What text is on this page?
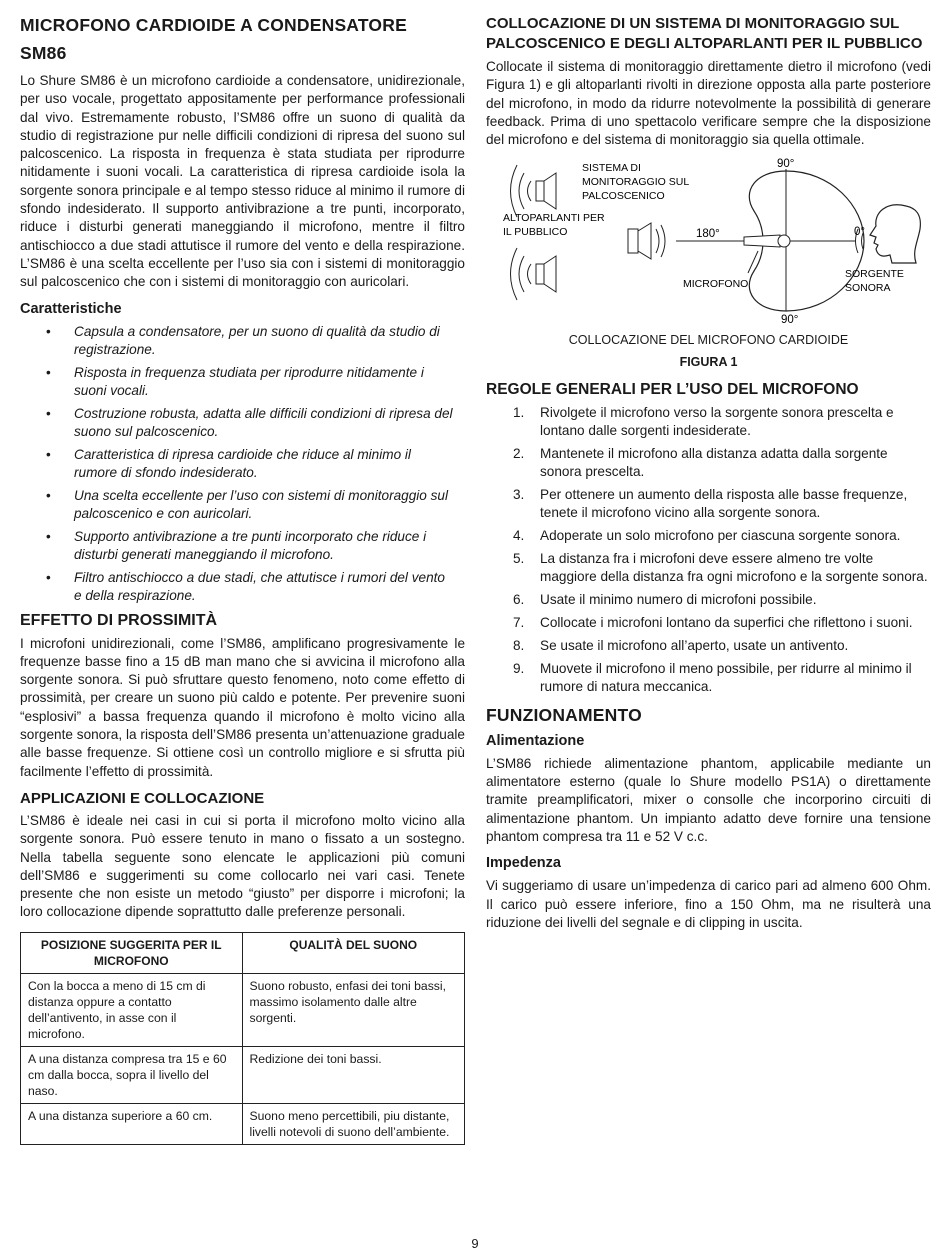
MICROFONO CARDIOIDE A CONDENSATORE
SM86

Lo Shure SM86 è un microfono cardioide a condensatore, unidirezionale, per uso vocale, progettato appositamente per performance professionali dal vivo. Estremamente robusto, l’SM86 offre un suono di qualità da studio di registrazione pur nelle difficili condizioni di ripresa del suono sul palcoscenico. La risposta in frequenza è stata studiata per riprodurre nitidamente i suoni vocali. La caratteristica di ripresa cardioide isola la sorgente sonora principale e al tempo stesso riduce al minimo il rumore di sfondo indesiderato. Il supporto antivibrazione a tre punti, incorporato, riduce i disturbi generati maneggiando il microfono, mentre il filtro antischiocco a due stadi attutisce il rumore del vento e della respirazione. L’SM86 è una scelta eccellente per l’uso sia con i sistemi di monitoraggio sul palcoscenico che con i sistemi di monitoraggio con auricolari.

Caratteristiche
• Capsula a condensatore, per un suono di qualità da studio di registrazione.
• Risposta in frequenza studiata per riprodurre nitidamente i suoni vocali.
• Costruzione robusta, adatta alle difficili condizioni di ripresa del suono sul palcoscenico.
• Caratteristica di ripresa cardioide che riduce al minimo il rumore di sfondo indesiderato.
• Una scelta eccellente per l’uso con sistemi di monitoraggio sul palcoscenico e con auricolari.
• Supporto antivibrazione a tre punti incorporato che riduce i disturbi generati maneggiando il microfono.
• Filtro antischiocco a due stadi, che attutisce i rumori del vento e della respirazione.
EFFETTO DI PROSSIMITÀ

I microfoni unidirezionali, come l’SM86, amplificano progresivamente le frequenze basse fino a 15 dB man mano che si avvicina il microfono alla sorgente sonora. Si può sfruttare questo fenomeno, noto come effetto di prossimità, per creare un suono più caldo e potente. Per prevenire suoni “esplosivi” a bassa frequenza quando il microfono è molto vicino alla sorgente sonora, la risposta dell’SM86 presenta un’attenuazione graduale alle basse frequenze. Si ottiene così un controllo migliore e si sfrutta più facilmente l’effetto di prossimità.

APPLICAZIONI E COLLOCAZIONE

L’SM86 è ideale nei casi in cui si porta il microfono molto vicino alla sorgente sonora. Può essere tenuto in mano o fissato a un sostegno. Nella tabella seguente sono elencate le applicazioni più comuni dell’SM86 e suggerimenti su come collocarlo nei vari casi. Tenete presente che non esiste un metodo “giusto” per disporre i microfoni; la loro collocazione dipende soprattutto dalle preferenze personali.

POSIZIONE SUGGERITA PER IL MICROFONO	QUALITÀ DEL SUONO
Con la bocca a meno di 15 cm di distanza oppure a contatto dell’antivento, in asse con il microfono.	Suono robusto, enfasi dei toni bassi, massimo isolamento dalle altre sorgenti.
A una distanza compresa tra 15 e 60 cm dalla bocca, sopra il livello del naso.	Redizione dei toni bassi.
A una distanza superiore a 60 cm.	Suono meno percettibili, piu distante, livelli notevoli di suono dell’ambiente.
COLLOCAZIONE DI UN SISTEMA DI MONITORAGGIO SUL PALCOSCENICO E DEGLI ALTOPARLANTI PER IL PUBBLICO

Collocate il sistema di monitoraggio direttamente dietro il microfono (vedi Figura 1) e gli altoparlanti rivolti in direzione opposta alla parte posteriore del microfono, in modo da ridurre notevolmente la possibilità di generare feedback. Prima di uno spettacolo verificare sempre che la disposizione del microfono e del sistema di monitoraggio sia quella ottimale.

SISTEMA DI
MONITORAGGIO SUL
PALCOSCENICO
ALTOPARLANTI PER
IL PUBBLICO
MICROFONO
SORGENTE
SONORA
90°
90°
180°	0°

COLLOCAZIONE DEL MICROFONO CARDIOIDE

FIGURA 1

REGOLE GENERALI PER L’USO DEL MICROFONO
1. Rivolgete il microfono verso la sorgente sonora prescelta e lontano dalle sorgenti indesiderate.
2. Mantenete il microfono alla distanza adatta dalla sorgente sonora prescelta.
3. Per ottenere un aumento della risposta alle basse frequenze, tenete il microfono vicino alla sorgente sonora.
4. Adoperate un solo microfono per ciascuna sorgente sonora.
5. La distanza fra i microfoni deve essere almeno tre volte maggiore della distanza fra ogni microfono e la sorgente sonora.
6. Usate il minimo numero di microfoni possibile.
7. Collocate i microfoni lontano da superfici che riflettono i suoni.
8. Se usate il microfono all’aperto, usate un antivento.
9. Muovete il microfono il meno possibile, per ridurre al minimo il rumore di natura meccanica.
FUNZIONAMENTO
Alimentazione

L’SM86 richiede alimentazione phantom, applicabile mediante un alimentatore esterno (quale lo Shure modello PS1A) o direttamente tramite preamplificatori, mixer o consolle che incorporino circuiti di alimentazione phantom. Un impianto adatto deve fornire una tensione phantom compresa tra 11 e 52 V c.c.

Impedenza

Vi suggeriamo di usare un’impedenza di carico pari ad almeno 600 Ohm. Il carico può essere inferiore, fino a 150 Ohm, ma ne risulterà una riduzione dei livelli del segnale e di clipping in uscita.

9
